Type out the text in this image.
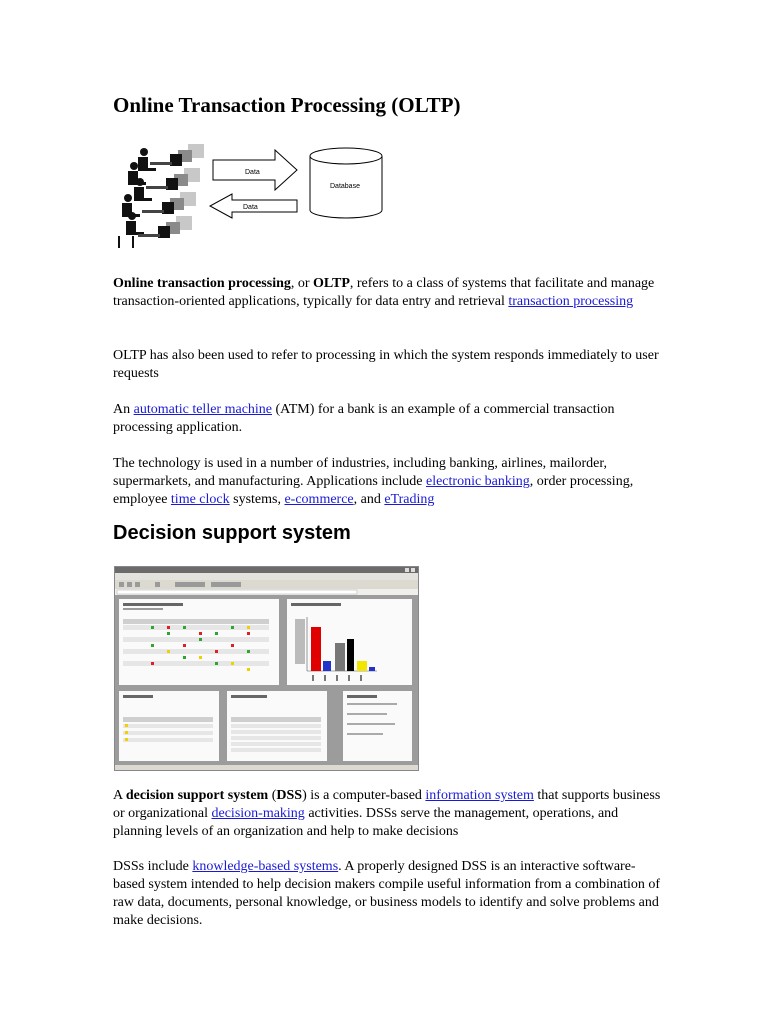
Online Transaction Processing (OLTP)
Data
Data
Database

Online transaction processing, or OLTP, refers to a class of systems that facilitate and manage transaction-oriented applications, typically for data entry and retrieval transaction processing

OLTP has also been used to refer to processing in which the system responds immediately to user requests

An automatic teller machine (ATM) for a bank is an example of a commercial transaction processing application.

The technology is used in a number of industries, including banking, airlines, mailorder, supermarkets, and manufacturing. Applications include electronic banking, order processing, employee time clock systems, e-commerce, and eTrading

Decision support system

A decision support system (DSS) is a computer-based information system that supports business or organizational decision-making activities. DSSs serve the management, operations, and planning levels of an organization and help to make decisions

DSSs include knowledge-based systems. A properly designed DSS is an interactive software-based system intended to help decision makers compile useful information from a combination of raw data, documents, personal knowledge, or business models to identify and solve problems and make decisions.
